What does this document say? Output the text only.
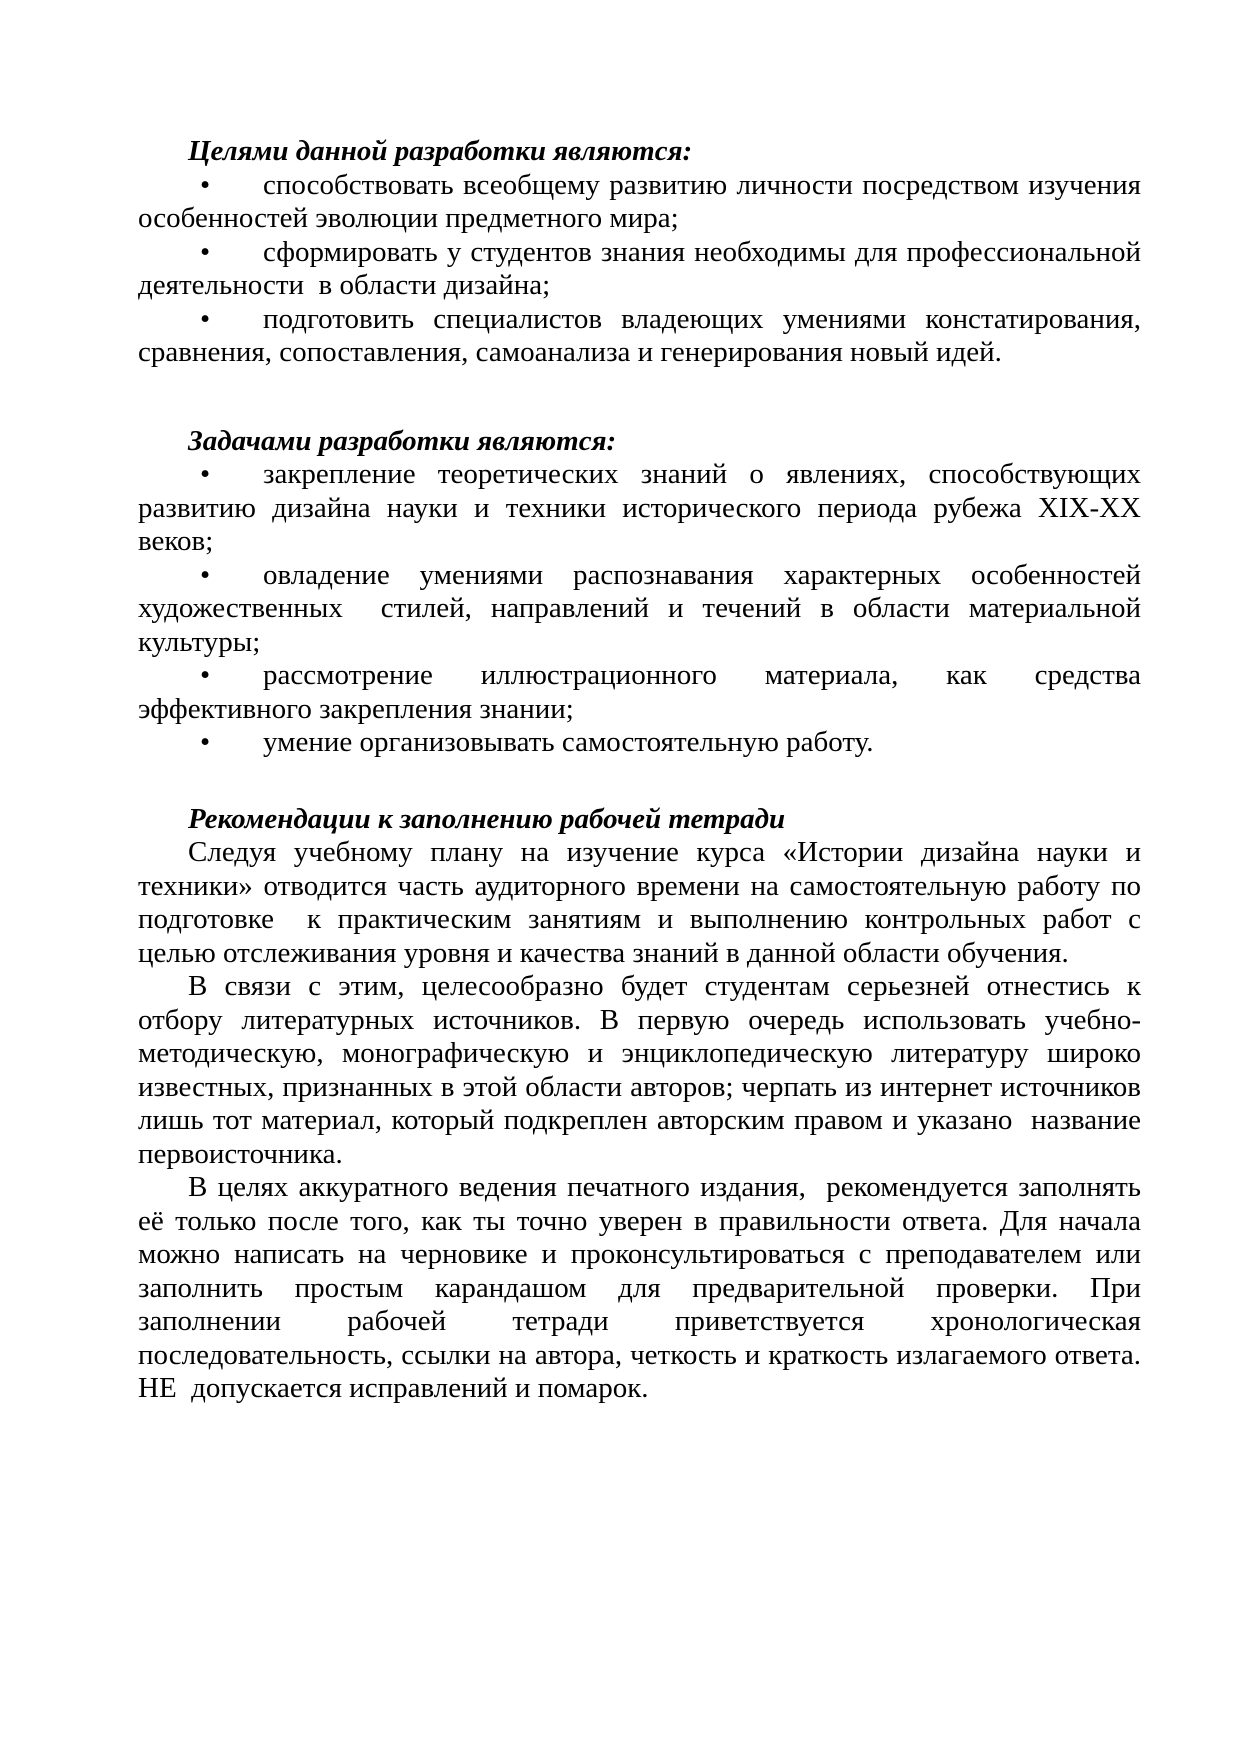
Целями данной разработки являются:

• способствовать всеобщему развитию личности посредством изучения особенностей эволюции предметного мира;

• сформировать у студентов знания необходимы для профессиональной деятельности  в области дизайна;

• подготовить специалистов владеющих умениями констатирования, сравнения, сопоставления, самоанализа и генерирования новый идей.

Задачами разработки являются:

• закрепление теоретических знаний о явлениях, способствующих развитию дизайна науки и техники исторического периода рубежа XIX-XX веков;

• овладение умениями распознавания характерных особенностей художественных  стилей, направлений и течений в области материальной культуры;

• рассмотрение иллюстрационного материала, как средства эффективного закрепления знании;

• умение организовывать самостоятельную работу.

Рекомендации к заполнению рабочей тетради

Следуя учебному плану на изучение курса «Истории дизайна науки и техники» отводится часть аудиторного времени на самостоятельную работу по подготовке  к практическим занятиям и выполнению контрольных работ с целью отслеживания уровня и качества знаний в данной области обучения.

В связи с этим, целесообразно будет студентам серьезней отнестись к отбору литературных источников. В первую очередь использовать учебно-методическую, монографическую и энциклопедическую литературу широко известных, признанных в этой области авторов; черпать из интернет источников лишь тот материал, который подкреплен авторским правом и указано  название первоисточника.

В целях аккуратного ведения печатного издания,  рекомендуется заполнять её только после того, как ты точно уверен в правильности ответа. Для начала можно написать на черновике и проконсультироваться с преподавателем или заполнить простым карандашом для предварительной проверки. При заполнении рабочей тетради приветствуется хронологическая последовательность, ссылки на автора, четкость и краткость излагаемого ответа. НЕ  допускается исправлений и помарок.
